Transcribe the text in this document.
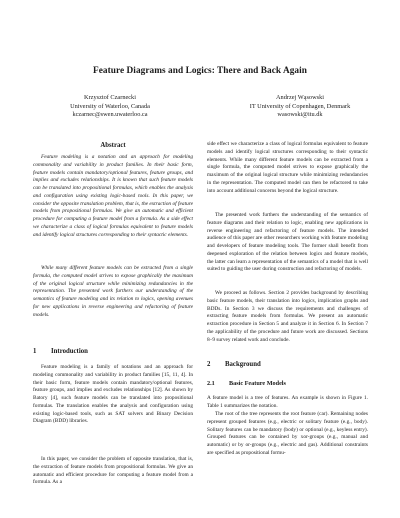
Feature Diagrams and Logics: There and Back Again
Krzysztof Czarnecki
University of Waterloo, Canada
kczarnec@swen.uwaterloo.ca
Andrzej Wąsowski
IT University of Copenhagen, Denmark
wasowski@itu.dk
Abstract

Feature modeling is a notation and an approach for modeling commonality and variability in product families. In their basic form, feature models contain mandatory/optional features, feature groups, and implies and excludes relationships. It is known that such feature models can be translated into propositional formulas, which enables the analysis and configuration using existing logic-based tools. In this paper, we consider the opposite translation problem, that is, the extraction of feature models from propositional formulas. We give an automatic and efficient procedure for computing a feature model from a formula. As a side effect we characterize a class of logical formulas equivalent to feature models and identify logical structures corresponding to their syntactic elements.

While many different feature models can be extracted from a single formula, the computed model strives to expose graphically the maximum of the original logical structure while minimizing redundancies in the representation. The presented work furthers our understanding of the semantics of feature modeling and its relation to logics, opening avenues for new applications in reverse engineering and refactoring of feature models.

1 Introduction

Feature modeling is a family of notations and an approach for modeling commonality and variability in product families [15, 11, 4]. In their basic form, feature models contain mandatory/optional features, feature groups, and implies and excludes relationships [12]. As shown by Batory [4], such feature models can be translated into propositional formulas. The translation enables the analysis and configuration using existing logic-based tools, such as SAT solvers and Binary Decision Diagram (BDD) libraries.

In this paper, we consider the problem of opposite translation, that is, the extraction of feature models from propositional formulas. We give an automatic and efficient procedure for computing a feature model from a formula. As a

side effect we characterize a class of logical formulas equivalent to feature models and identify logical structures corresponding to their syntactic elements. While many different feature models can be extracted from a single formula, the computed model strives to expose graphically the maximum of the original logical structure while minimizing redundancies in the representation. The computed model can then be refactored to take into account additional concerns beyond the logical structure.

The presented work furthers the understanding of the semantics of feature diagrams and their relation to logic, enabling new applications in reverse engineering and refactoring of feature models. The intended audience of this paper are other researchers working with feature modeling and developers of feature modeling tools. The former shall benefit from deepened exploration of the relation between logics and feature models, the latter can learn a representation of the semantics of a model that is well suited to guiding the user during construction and refactoring of models.

We proceed as follows. Section 2 provides background by describing basic feature models, their translation into logics, implication graphs and BDDs. In Section 3 we discuss the requirements and challenges of extracting feature models from formulas. We present an automatic extraction procedure in Section 5 and analyze it in Section 6. In Section 7 the applicability of the procedure and future work are discussed. Sections 8–9 survey related work and conclude.

2 Background
2.1 Basic Feature Models

A feature model is a tree of features. An example is shown in Figure 1. Table 1 summarizes the notation.

The root of the tree represents the root feature (car). Remaining nodes represent grouped features (e.g., electric or solitary feature (e.g., body). Solitary features can be mandatory (body) or optional (e.g., keyless entry). Grouped features can be contained by xor-groups (e.g., manual and automatic) or by or-groups (e.g., electric and gas). Additional constraints are specified as propositional formu-
